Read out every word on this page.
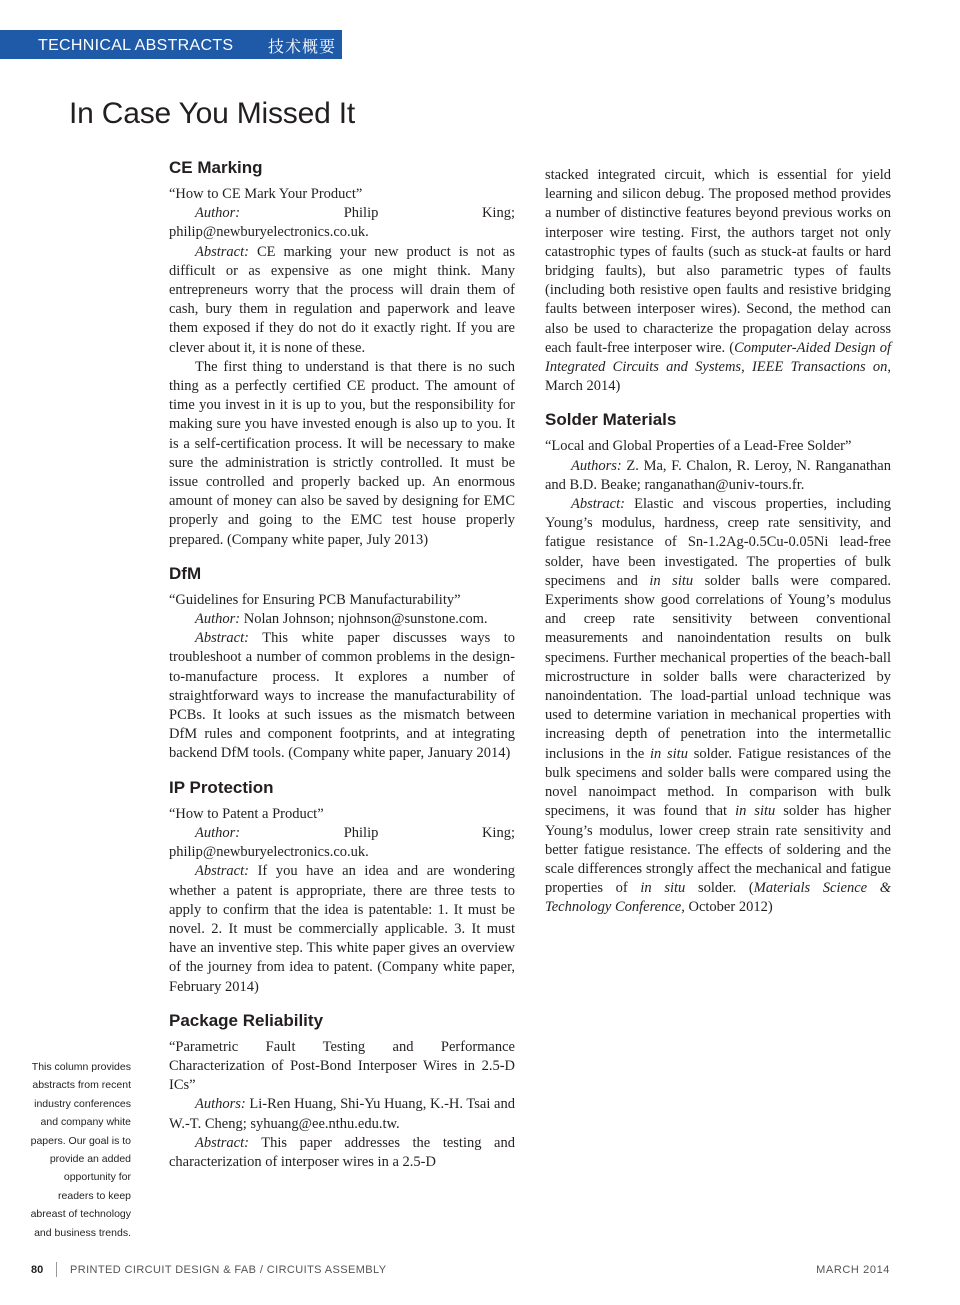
TECHNICAL ABSTRACTS 技术概要
In Case You Missed It
CE Marking

“How to CE Mark Your Product”

Author: Philip King; philip@newburyelectronics.co.uk.

Abstract: CE marking your new product is not as difficult or as expensive as one might think. Many entrepreneurs worry that the process will drain them of cash, bury them in regulation and paperwork and leave them exposed if they do not do it exactly right. If you are clever about it, it is none of these.

The first thing to understand is that there is no such thing as a perfectly certified CE product. The amount of time you invest in it is up to you, but the responsibility for making sure you have invested enough is also up to you. It is a self-certification process. It will be necessary to make sure the administration is strictly controlled. It must be issue controlled and properly backed up. An enormous amount of money can also be saved by designing for EMC properly and going to the EMC test house properly prepared. (Company white paper, July 2013)

DfM

“Guidelines for Ensuring PCB Manufacturability”

Author: Nolan Johnson; njohnson@sunstone.com.

Abstract: This white paper discusses ways to troubleshoot a number of common problems in the design-to-manufacture process. It explores a number of straightforward ways to increase the manufacturability of PCBs. It looks at such issues as the mismatch between DfM rules and component footprints, and at integrating backend DfM tools. (Company white paper, January 2014)

IP Protection

“How to Patent a Product”

Author: Philip King; philip@newburyelectronics.co.uk.

Abstract: If you have an idea and are wondering whether a patent is appropriate, there are three tests to apply to confirm that the idea is patentable: 1. It must be novel. 2. It must be commercially applicable. 3. It must have an inventive step. This white paper gives an overview of the journey from idea to patent. (Company white paper, February 2014)

Package Reliability

“Parametric Fault Testing and Performance Characterization of Post-Bond Interposer Wires in 2.5-D ICs”

Authors: Li-Ren Huang, Shi-Yu Huang, K.-H. Tsai and W.-T. Cheng; syhuang@ee.nthu.edu.tw.

Abstract: This paper addresses the testing and characterization of interposer wires in a 2.5-D

stacked integrated circuit, which is essential for yield learning and silicon debug. The proposed method provides a number of distinctive features beyond previous works on interposer wire testing. First, the authors target not only catastrophic types of faults (such as stuck-at faults or hard bridging faults), but also parametric types of faults (including both resistive open faults and resistive bridging faults between interposer wires). Second, the method can also be used to characterize the propagation delay across each fault-free interposer wire. (Computer-Aided Design of Integrated Circuits and Systems, IEEE Transactions on, March 2014)

Solder Materials

“Local and Global Properties of a Lead-Free Solder”

Authors: Z. Ma, F. Chalon, R. Leroy, N. Ranganathan and B.D. Beake; ranganathan@univ-tours.fr.

Abstract: Elastic and viscous properties, including Young’s modulus, hardness, creep rate sensitivity, and fatigue resistance of Sn-1.2Ag-0.5Cu-0.05Ni lead-free solder, have been investigated. The properties of bulk specimens and in situ solder balls were compared. Experiments show good correlations of Young’s modulus and creep rate sensitivity between conventional measurements and nanoindentation results on bulk specimens. Further mechanical properties of the beach-ball microstructure in solder balls were characterized by nanoindentation. The load-partial unload technique was used to determine variation in mechanical properties with increasing depth of penetration into the intermetallic inclusions in the in situ solder. Fatigue resistances of the bulk specimens and solder balls were compared using the novel nanoimpact method. In comparison with bulk specimens, it was found that in situ solder has higher Young’s modulus, lower creep strain rate sensitivity and better fatigue resistance. The effects of soldering and the scale differences strongly affect the mechanical and fatigue properties of in situ solder. (Materials Science & Technology Conference, October 2012)

This column provides abstracts from recent industry conferences and company white papers. Our goal is to provide an added opportunity for readers to keep abreast of technology and business trends.
80 PRINTED CIRCUIT DESIGN & FAB / CIRCUITS ASSEMBLY	MARCH 2014
